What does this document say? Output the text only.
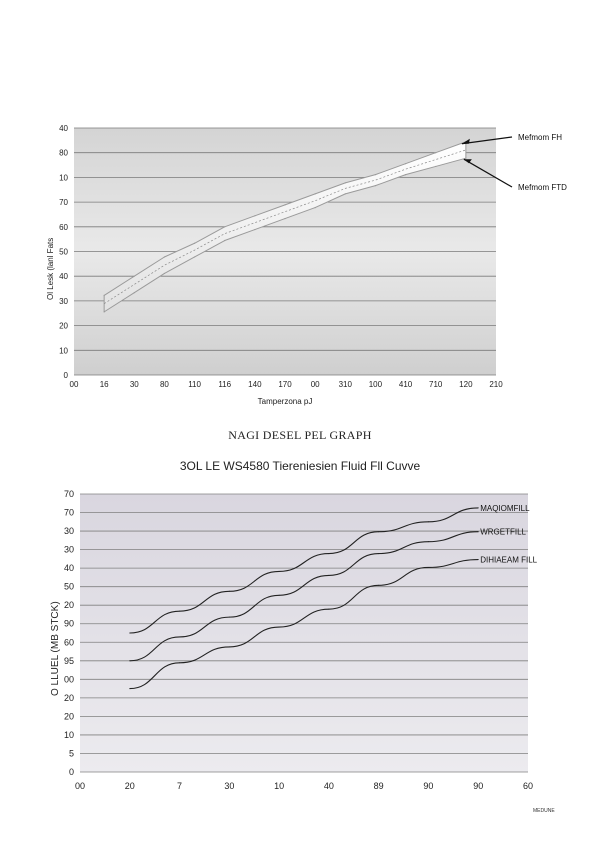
0
10
20
30
40
50
60
70
10
80
40
00	16	30	80 110 116 140 170 00 310 100 410 710 120 210
Ol Lesk (lanl Fats
Tamperzona pJ
Mefmom FH
Mefmom FTD
NAGI DESEL PEL GRAPH
3OL LE WS4580 Tiereniesien Fluid Fll Cuvve
0
5
10
20
20
00
95
60
90
20
50
40
30
30
70
70
00	20	7	30	10	40	89	90	90	60
O LLUEL (MB STCK)
MAQIOMFILL
WRGETFILL
DIHIAEAM FILL
MEDUNE
